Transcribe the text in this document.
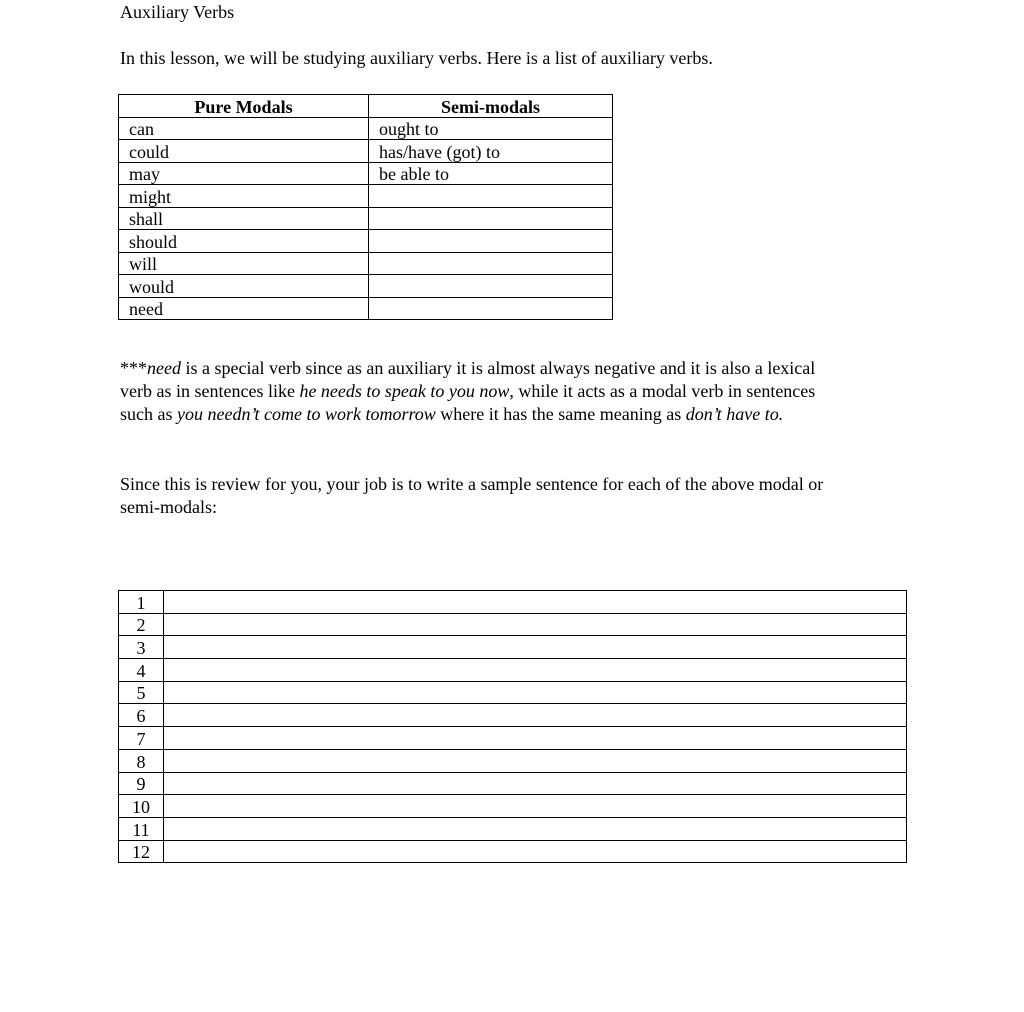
Auxiliary Verbs
In this lesson, we will be studying auxiliary verbs. Here is a list of auxiliary verbs.
Pure Modals	Semi-modals
can	ought to
could	has/have (got) to
may	be able to
might	
shall	
should	
will	
would	
need	
***need is a special verb since as an auxiliary it is almost always negative and it is also a lexical
verb as in sentences like he needs to speak to you now, while it acts as a modal verb in sentences
such as you needn’t come to work tomorrow where it has the same meaning as don’t have to.
Since this is review for you, your job is to write a sample sentence for each of the above modal or
semi-modals:
1	
2	
3	
4	
5	
6	
7	
8	
9	
10	
11	
12	
